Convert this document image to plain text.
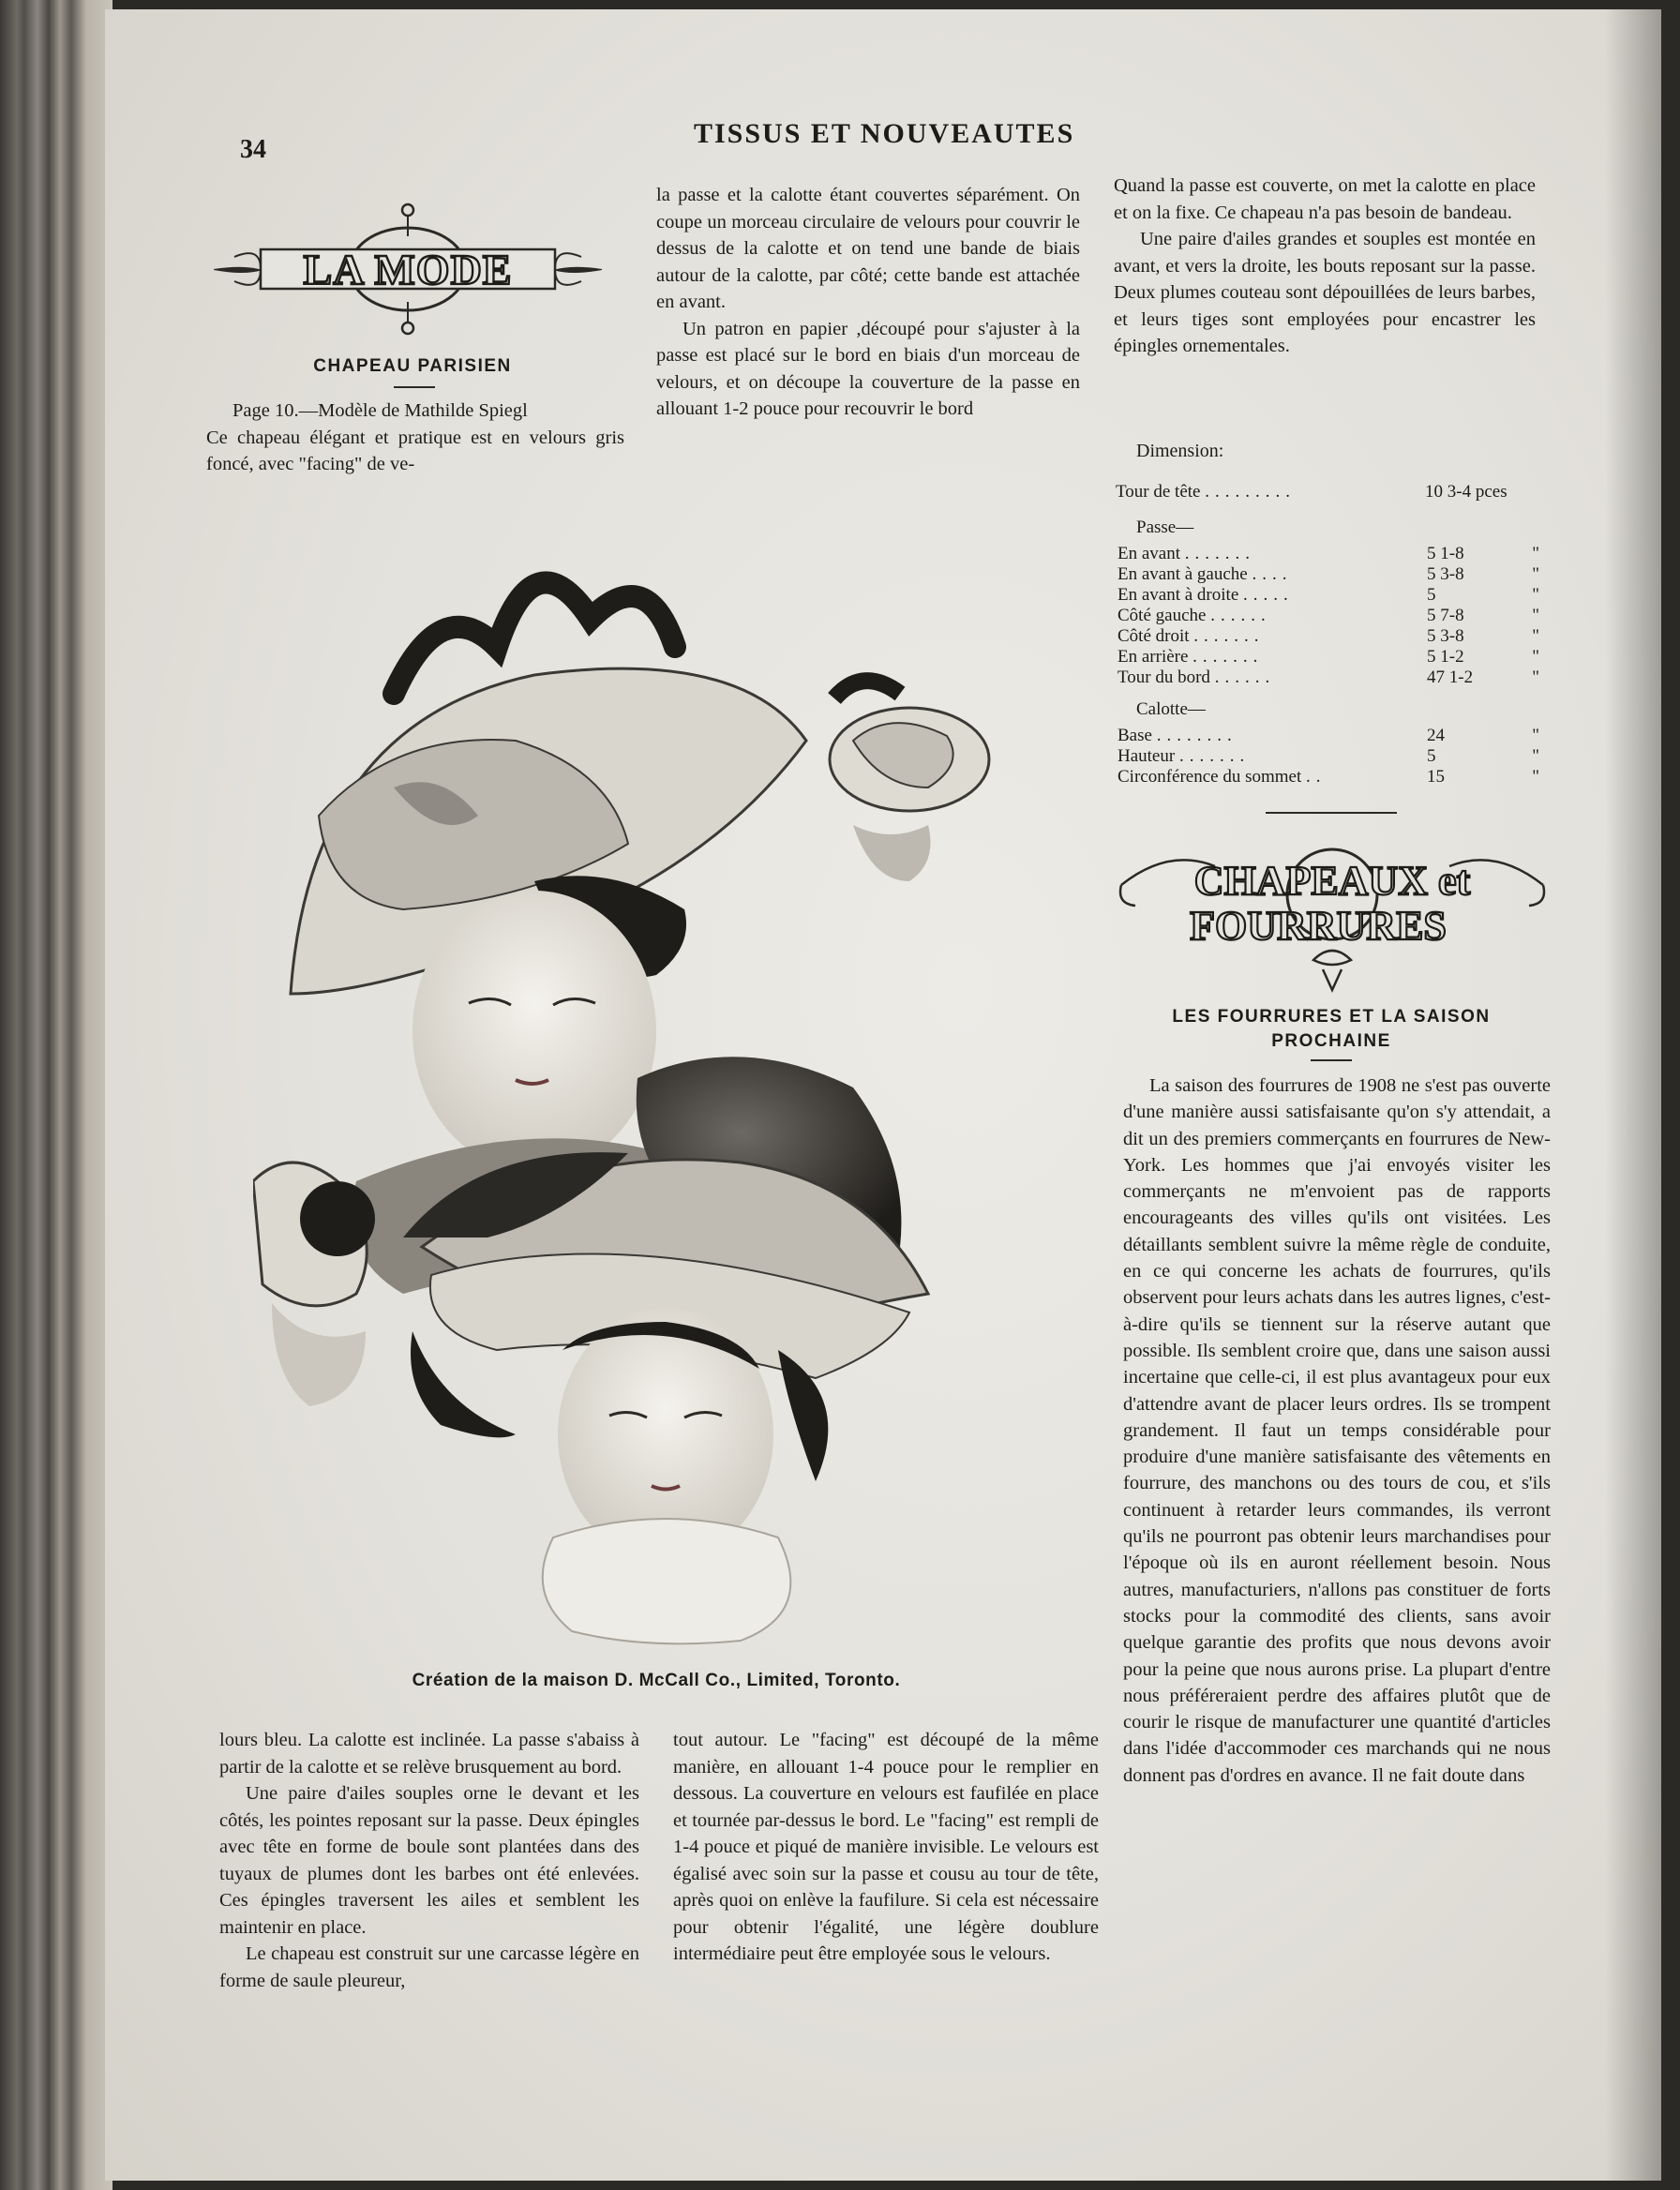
34
TISSUS ET NOUVEAUTES
LA MODE
CHAPEAU PARISIEN

Page 10.—Modèle de Mathilde Spiegl

Ce chapeau élégant et pratique est en velours gris foncé, avec "facing" de ve-

la passe et la calotte étant couvertes séparément. On coupe un morceau circulaire de velours pour couvrir le dessus de la calotte et on tend une bande de biais autour de la calotte, par côté; cette bande est attachée en avant.

Un patron en papier ,découpé pour s'ajuster à la passe est placé sur le bord en biais d'un morceau de velours, et on découpe la couverture de la passe en allouant 1-2 pouce pour recouvrir le bord

Quand la passe est couverte, on met la calotte en place et on la fixe. Ce chapeau n'a pas besoin de bandeau.

Une paire d'ailes grandes et souples est montée en avant, et vers la droite, les bouts reposant sur la passe. Deux plumes couteau sont dépouillées de leurs barbes, et leurs tiges sont employées pour encastrer les épingles ornementales.

Dimension:
Tour de tête .........	10 3-4 pces
Passe—
En avant .......	5 1-8	"
En avant à gauche ....	5 3-8	"
En avant à droite .....	5	"
Côté gauche ......	5 7-8	"
Côté droit .......	5 3-8	"
En arrière .......	5 1-2	"
Tour du bord ......	47 1-2	"
Calotte—
Base ........	24	"
Hauteur .......	5	"
Circonférence du sommet ..	15	"
CHAPEAUX et
FOURRURES
LES FOURRURES ET LA SAISON
PROCHAINE

La saison des fourrures de 1908 ne s'est pas ouverte d'une manière aussi satisfaisante qu'on s'y attendait, a dit un des premiers commerçants en fourrures de New-York. Les hommes que j'ai envoyés visiter les commerçants ne m'envoient pas de rapports encourageants des villes qu'ils ont visitées. Les détaillants semblent suivre la même règle de conduite, en ce qui concerne les achats de fourrures, qu'ils observent pour leurs achats dans les autres lignes, c'est-à-dire qu'ils se tiennent sur la réserve autant que possible. Ils semblent croire que, dans une saison aussi incertaine que celle-ci, il est plus avantageux pour eux d'attendre avant de placer leurs ordres. Ils se trompent grandement. Il faut un temps considérable pour produire d'une manière satisfaisante des vêtements en fourrure, des manchons ou des tours de cou, et s'ils continuent à retarder leurs commandes, ils verront qu'ils ne pourront pas obtenir leurs marchandises pour l'époque où ils en auront réellement besoin. Nous autres, manufacturiers, n'allons pas constituer de forts stocks pour la commodité des clients, sans avoir quelque garantie des profits que nous devons avoir pour la peine que nous aurons prise. La plupart d'entre nous préféreraient perdre des affaires plutôt que de courir le risque de manufacturer une quantité d'articles dans l'idée d'accommoder ces marchands qui ne nous donnent pas d'ordres en avance. Il ne fait doute dans

Création de la maison D. McCall Co., Limited, Toronto.

lours bleu. La calotte est inclinée. La passe s'abaiss à partir de la calotte et se relève brusquement au bord.

Une paire d'ailes souples orne le devant et les côtés, les pointes reposant sur la passe. Deux épingles avec tête en forme de boule sont plantées dans des tuyaux de plumes dont les barbes ont été enlevées. Ces épingles traversent les ailes et semblent les maintenir en place.

Le chapeau est construit sur une carcasse légère en forme de saule pleureur,

tout autour. Le "facing" est découpé de la même manière, en allouant 1-4 pouce pour le remplier en dessous. La couverture en velours est faufilée en place et tournée par-dessus le bord. Le "facing" est rempli de 1-4 pouce et piqué de manière invisible. Le velours est égalisé avec soin sur la passe et cousu au tour de tête, après quoi on enlève la faufilure. Si cela est nécessaire pour obtenir l'égalité, une légère doublure intermédiaire peut être employée sous le velours.
